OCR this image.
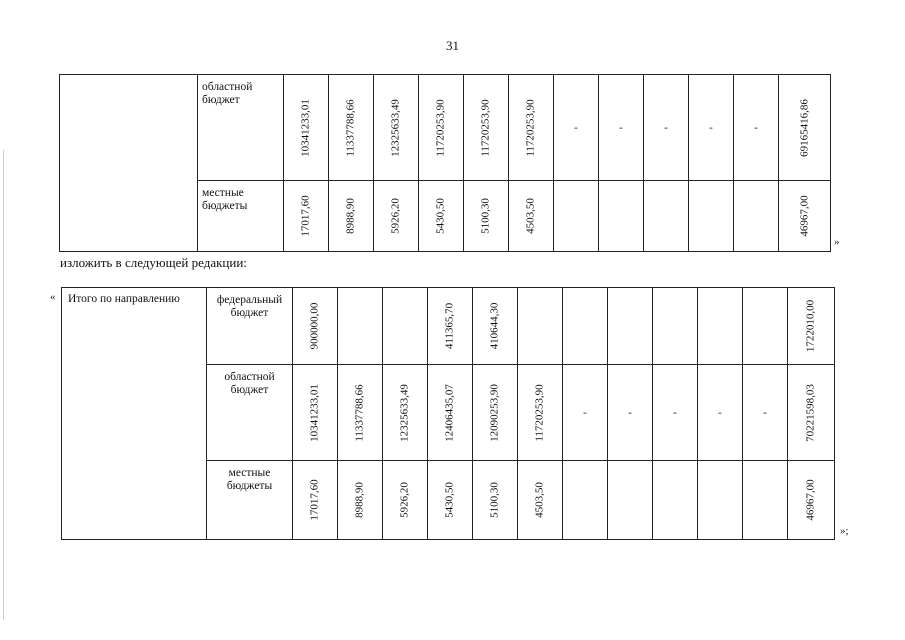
31
	областной бюджет	10341233,01	11337788,66	12325633,49	11720253,90	11720253,90	11720253,90	-	-	-	-	-	69165416,86

	местные бюджеты	17017,60	8988,90	5926,20	5430,50	5100,30	4503,50						46967,00
»
изложить в следующей редакции:
« Итого по направлению	федеральный бюджет	900000,00			411365,70	410644,30							1722010,00

	областной бюджет	10341233,01	11337788,66	12325633,49	12406435,07	12090253,90	11720253,90	-	-	-	-	-	70221598,03

	местные бюджеты	17017,60	8988,90	5926,20	5430,50	5100,30	4503,50						46967,00
»;
